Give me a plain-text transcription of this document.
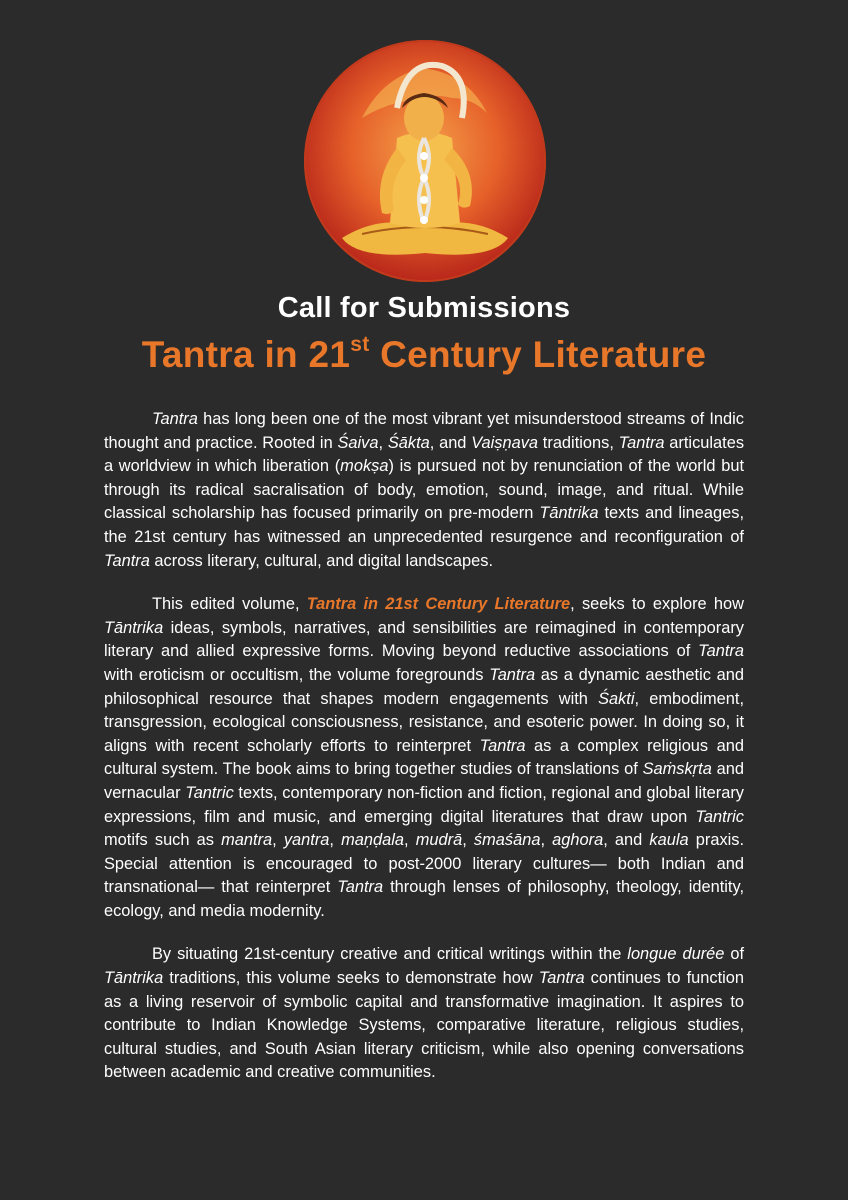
Call for Submissions
Tantra in 21st Century Literature

Tantra has long been one of the most vibrant yet misunderstood streams of Indic thought and practice. Rooted in Śaiva, Śākta, and Vaiṣṇava traditions, Tantra articulates a worldview in which liberation (mokṣa) is pursued not by renunciation of the world but through its radical sacralisation of body, emotion, sound, image, and ritual. While classical scholarship has focused primarily on pre-modern Tāntrika texts and lineages, the 21st century has witnessed an unprecedented resurgence and reconfiguration of Tantra across literary, cultural, and digital landscapes.

This edited volume, Tantra in 21st Century Literature, seeks to explore how Tāntrika ideas, symbols, narratives, and sensibilities are reimagined in contemporary literary and allied expressive forms. Moving beyond reductive associations of Tantra with eroticism or occultism, the volume foregrounds Tantra as a dynamic aesthetic and philosophical resource that shapes modern engagements with Śakti, embodiment, transgression, ecological consciousness, resistance, and esoteric power. In doing so, it aligns with recent scholarly efforts to reinterpret Tantra as a complex religious and cultural system. The book aims to bring together studies of translations of Saṁskṛta and vernacular Tantric texts, contemporary non-fiction and fiction, regional and global literary expressions, film and music, and emerging digital literatures that draw upon Tantric motifs such as mantra, yantra, maṇḍala, mudrā, śmaśāna, aghora, and kaula praxis. Special attention is encouraged to post-2000 literary cultures— both Indian and transnational— that reinterpret Tantra through lenses of philosophy, theology, identity, ecology, and media modernity.

By situating 21st-century creative and critical writings within the longue durée of Tāntrika traditions, this volume seeks to demonstrate how Tantra continues to function as a living reservoir of symbolic capital and transformative imagination. It aspires to contribute to Indian Knowledge Systems, comparative literature, religious studies, cultural studies, and South Asian literary criticism, while also opening conversations between academic and creative communities.
